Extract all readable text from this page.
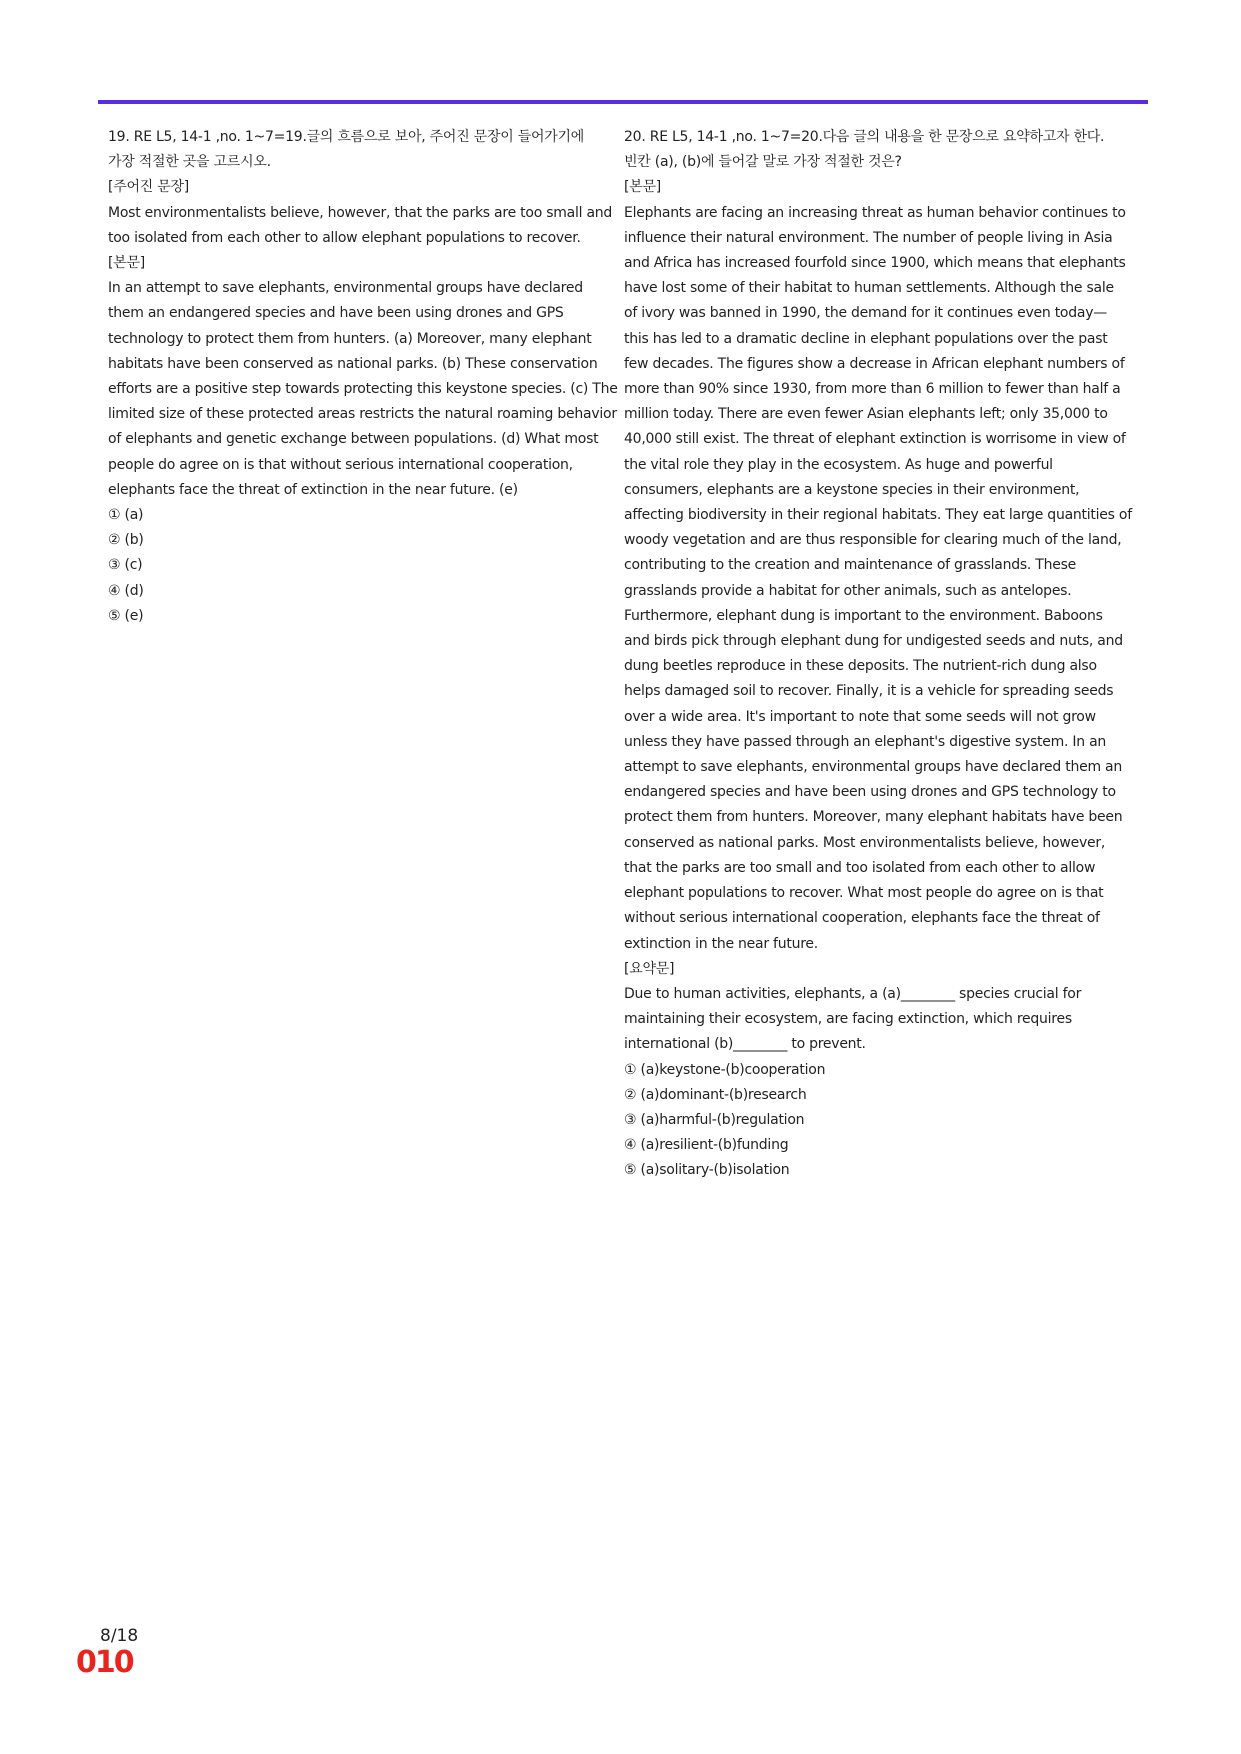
19. RE L5, 14-1 ,no. 1~7=19.글의 흐름으로 보아, 주어진 문장이 들어가기에
가장 적절한 곳을 고르시오.
[주어진 문장]
Most environmentalists believe, however, that the parks are too small and
too isolated from each other to allow elephant populations to recover.
[본문]
In an attempt to save elephants, environmental groups have declared
them an endangered species and have been using drones and GPS
technology to protect them from hunters. (a) Moreover, many elephant
habitats have been conserved as national parks. (b) These conservation
efforts are a positive step towards protecting this keystone species. (c) The
limited size of these protected areas restricts the natural roaming behavior
of elephants and genetic exchange between populations. (d) What most
people do agree on is that without serious international cooperation,
elephants face the threat of extinction in the near future. (e)
① (a)
② (b)
③ (c)
④ (d)
⑤ (e)
20. RE L5, 14-1 ,no. 1~7=20.다음 글의 내용을 한 문장으로 요약하고자 한다.
빈칸 (a), (b)에 들어갈 말로 가장 적절한 것은?
[본문]
Elephants are facing an increasing threat as human behavior continues to
influence their natural environment. The number of people living in Asia
and Africa has increased fourfold since 1900, which means that elephants
have lost some of their habitat to human settlements. Although the sale
of ivory was banned in 1990, the demand for it continues even today—
this has led to a dramatic decline in elephant populations over the past
few decades. The figures show a decrease in African elephant numbers of
more than 90% since 1930, from more than 6 million to fewer than half a
million today. There are even fewer Asian elephants left; only 35,000 to
40,000 still exist. The threat of elephant extinction is worrisome in view of
the vital role they play in the ecosystem. As huge and powerful
consumers, elephants are a keystone species in their environment,
affecting biodiversity in their regional habitats. They eat large quantities of
woody vegetation and are thus responsible for clearing much of the land,
contributing to the creation and maintenance of grasslands. These
grasslands provide a habitat for other animals, such as antelopes.
Furthermore, elephant dung is important to the environment. Baboons
and birds pick through elephant dung for undigested seeds and nuts, and
dung beetles reproduce in these deposits. The nutrient-rich dung also
helps damaged soil to recover. Finally, it is a vehicle for spreading seeds
over a wide area. It's important to note that some seeds will not grow
unless they have passed through an elephant's digestive system. In an
attempt to save elephants, environmental groups have declared them an
endangered species and have been using drones and GPS technology to
protect them from hunters. Moreover, many elephant habitats have been
conserved as national parks. Most environmentalists believe, however,
that the parks are too small and too isolated from each other to allow
elephant populations to recover. What most people do agree on is that
without serious international cooperation, elephants face the threat of
extinction in the near future.
[요약문]
Due to human activities, elephants, a (a)________ species crucial for
maintaining their ecosystem, are facing extinction, which requires
international (b)________ to prevent.
① (a)keystone-(b)cooperation
② (a)dominant-(b)research
③ (a)harmful-(b)regulation
④ (a)resilient-(b)funding
⑤ (a)solitary-(b)isolation
8/18
010
